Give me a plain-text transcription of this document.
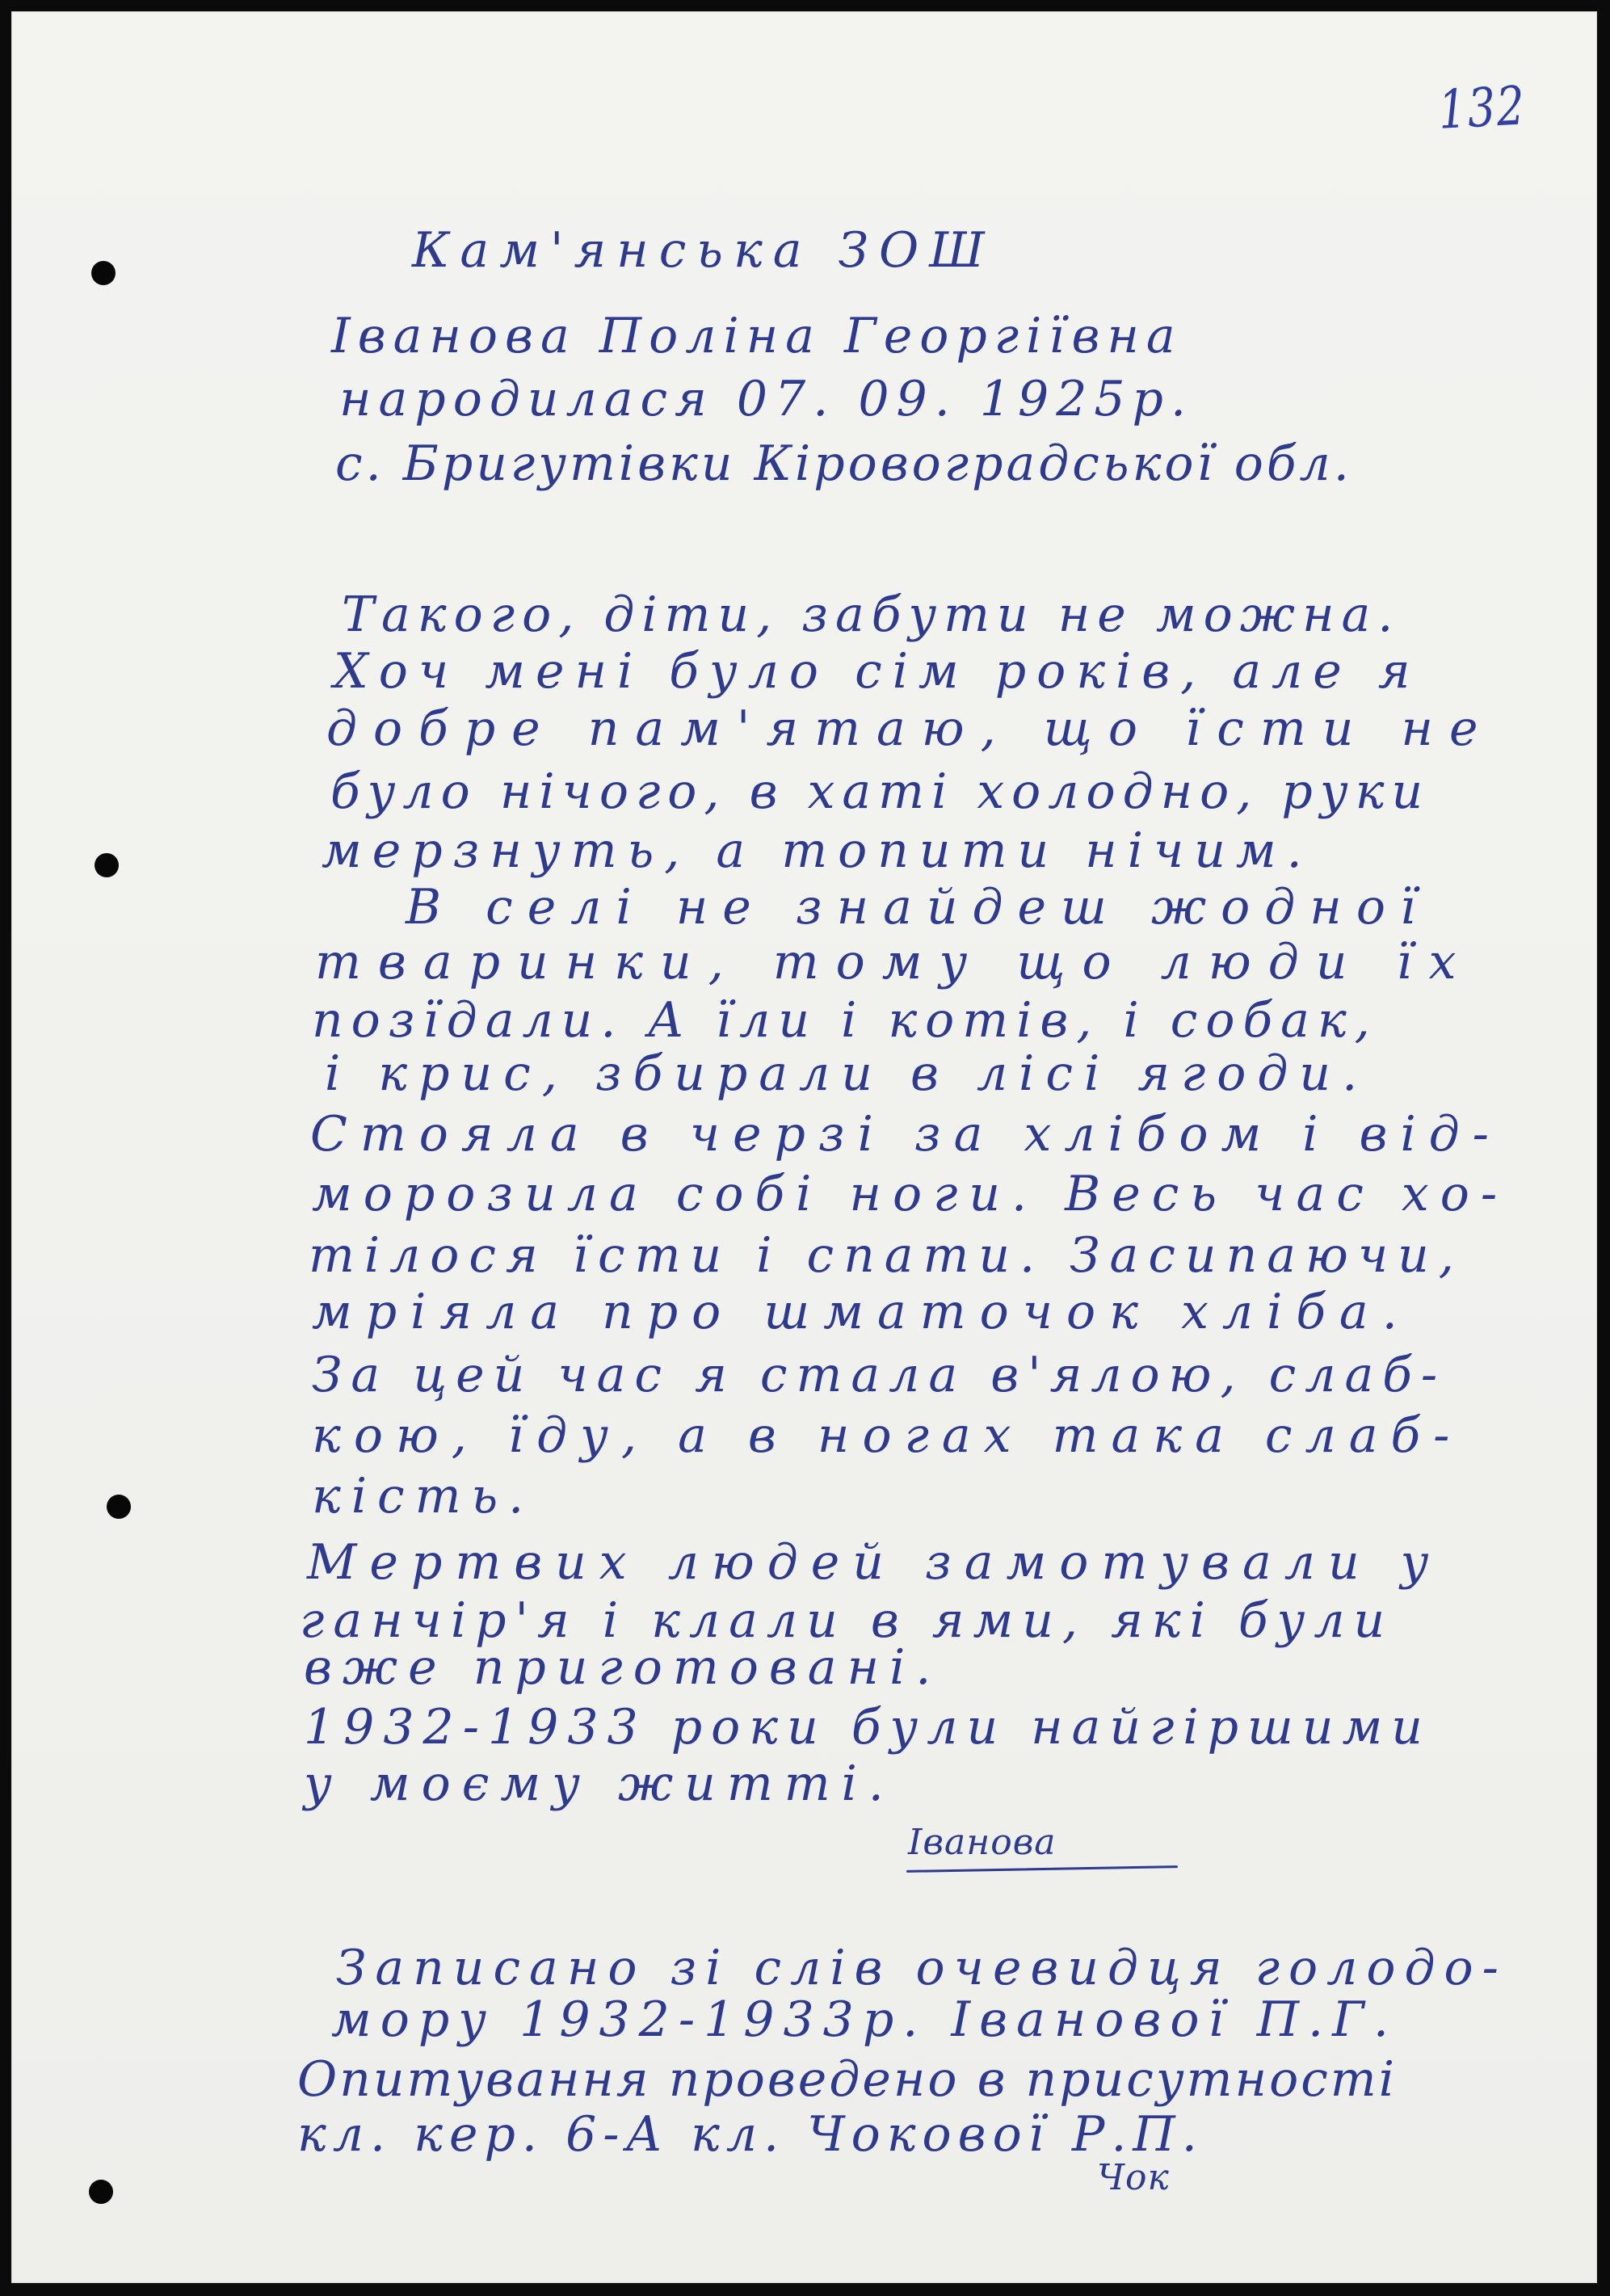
132

Кам'янська ЗОШ

Іванова Поліна Георгіївна

народилася 07. 09. 1925р.

с. Бригутівки Кіровоградської обл.

Такого, діти, забути не можна.

Хоч мені було сім років, але я

добре пам'ятаю, що їсти не

було нічого, в хаті холодно, руки

мерзнуть, а топити нічим.

В селі не знайдеш жодної

тваринки, тому що люди їх

позїдали. А їли і котів, і собак,

і крис, збирали в лісі ягоди.

Стояла в черзі за хлібом і від-

морозила собі ноги. Весь час хо-

тілося їсти і спати. Засипаючи,

мріяла про шматочок хліба.

За цей час я стала в'ялою, слаб-

кою, їду, а в ногах така слаб-

кість.

Мертвих людей замотували у

ганчір'я і клали в ями, які були

вже приготовані.

1932-1933 роки були найгіршими

у моєму житті.

Іванова

Записано зі слів очевидця голодо-

мору 1932-1933р. Іванової П.Г.

Опитування проведено в присутності

кл. кер. 6-А кл. Чокової Р.П.

Чок
